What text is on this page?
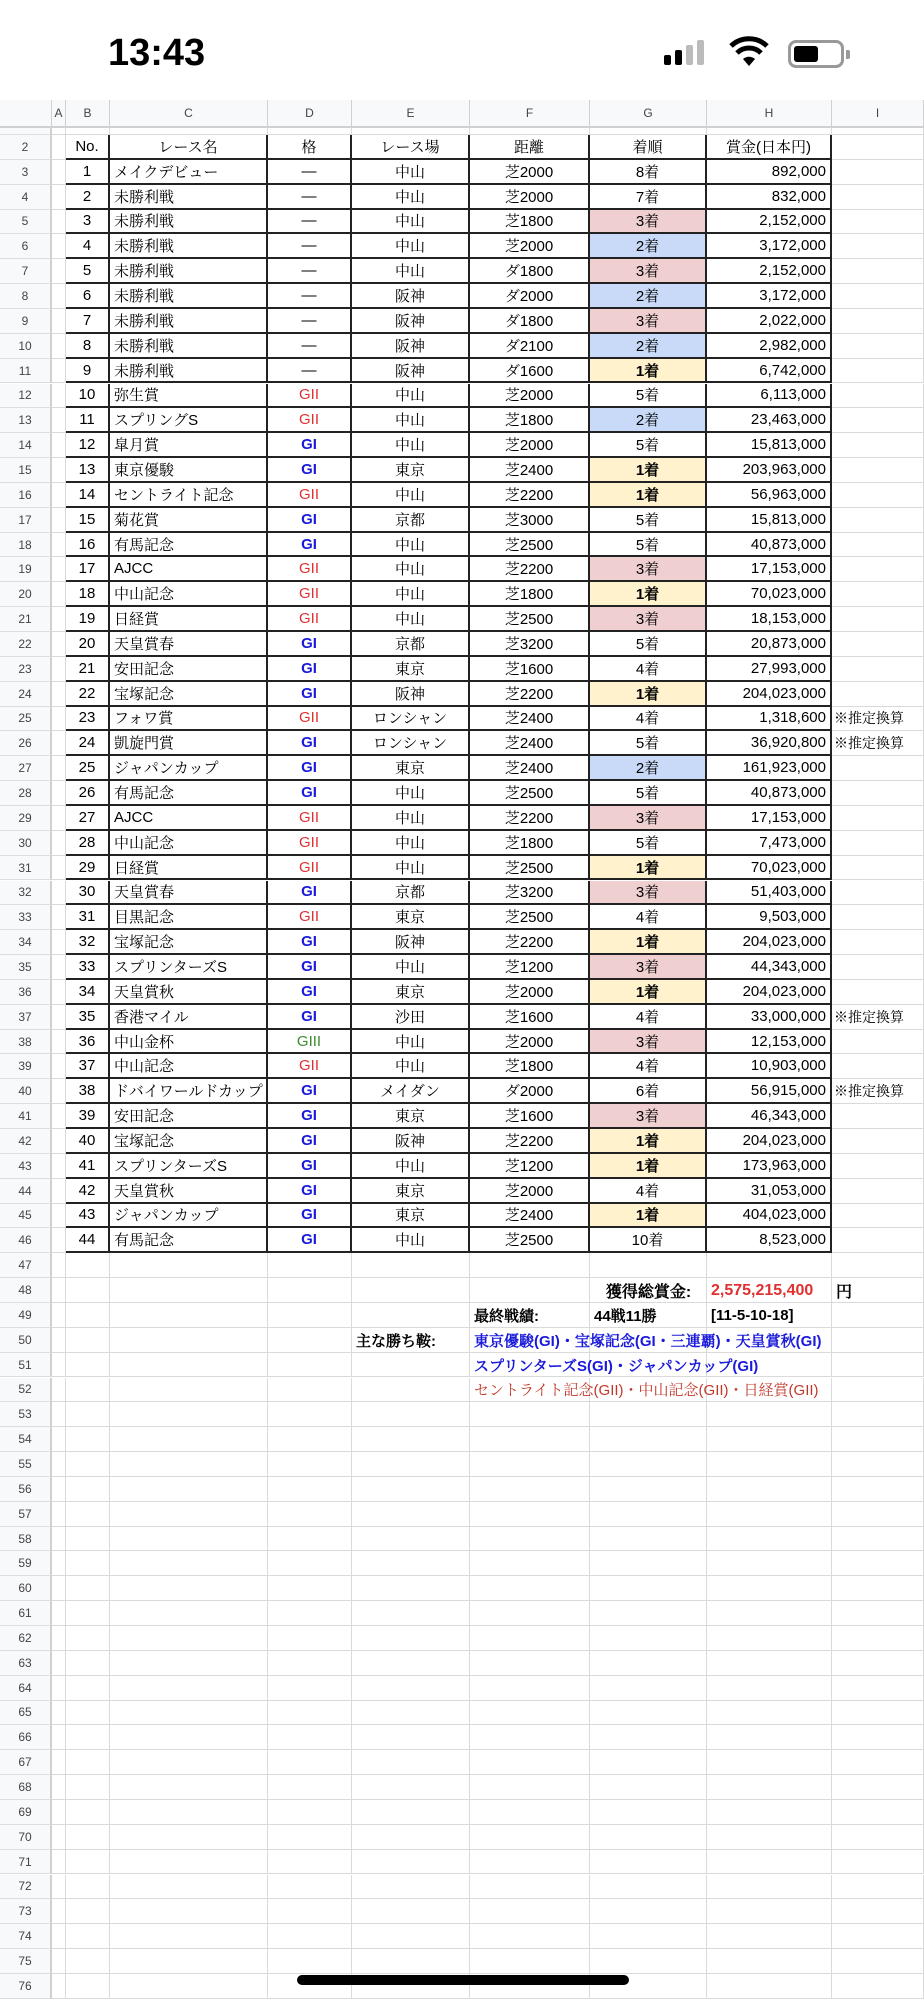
13:43
A	B	C	D	E	F	G	H	I
2
3
4
5
6
7
8
9
10
11
12
13
14
15
16
17
18
19
20
21
22
23
24
25
26
27
28
29
30
31
32
33
34
35
36
37
38
39
40
41
42
43
44
45
46
47
48
49
50
51
52
53
54
55
56
57
58
59
60
61
62
63
64
65
66
67
68
69
70
71
72
73
74
75
76
No.	レース名	格	レース場	距離	着順	賞金(日本円)
1	メイクデビュー	—	中山	芝2000	8着	892,000
2	未勝利戦	—	中山	芝2000	7着	832,000
3	未勝利戦	—	中山	芝1800	3着	2,152,000
4	未勝利戦	—	中山	芝2000	2着	3,172,000
5	未勝利戦	—	中山	ダ1800	3着	2,152,000
6	未勝利戦	—	阪神	ダ2000	2着	3,172,000
7	未勝利戦	—	阪神	ダ1800	3着	2,022,000
8	未勝利戦	—	阪神	ダ2100	2着	2,982,000
9	未勝利戦	—	阪神	ダ1600	1着	6,742,000
10	弥生賞	GII	中山	芝2000	5着	6,113,000
11	スプリングS	GII	中山	芝1800	2着	23,463,000
12	皐月賞	GI	中山	芝2000	5着	15,813,000
13	東京優駿	GI	東京	芝2400	1着	203,963,000
14	セントライト記念	GII	中山	芝2200	1着	56,963,000
15	菊花賞	GI	京都	芝3000	5着	15,813,000
16	有馬記念	GI	中山	芝2500	5着	40,873,000
17	AJCC	GII	中山	芝2200	3着	17,153,000
18	中山記念	GII	中山	芝1800	1着	70,023,000
19	日経賞	GII	中山	芝2500	3着	18,153,000
20	天皇賞春	GI	京都	芝3200	5着	20,873,000
21	安田記念	GI	東京	芝1600	4着	27,993,000
22	宝塚記念	GI	阪神	芝2200	1着	204,023,000
23	フォワ賞	GII	ロンシャン	芝2400	4着	1,318,600 ※推定換算
24	凱旋門賞	GI	ロンシャン	芝2400	5着	36,920,800 ※推定換算
25	ジャパンカップ	GI	東京	芝2400	2着	161,923,000
26	有馬記念	GI	中山	芝2500	5着	40,873,000
27	AJCC	GII	中山	芝2200	3着	17,153,000
28	中山記念	GII	中山	芝1800	5着	7,473,000
29	日経賞	GII	中山	芝2500	1着	70,023,000
30	天皇賞春	GI	京都	芝3200	3着	51,403,000
31	目黒記念	GII	東京	芝2500	4着	9,503,000
32	宝塚記念	GI	阪神	芝2200	1着	204,023,000
33	スプリンターズS	GI	中山	芝1200	3着	44,343,000
34	天皇賞秋	GI	東京	芝2000	1着	204,023,000
35	香港マイル	GI	沙田	芝1600	4着	33,000,000 ※推定換算
36	中山金杯	GIII	中山	芝2000	3着	12,153,000
37	中山記念	GII	中山	芝1800	4着	10,903,000
38	ドバイワールドカップ	GI	メイダン	ダ2000	6着	56,915,000 ※推定換算
39	安田記念	GI	東京	芝1600	3着	46,343,000
40	宝塚記念	GI	阪神	芝2200	1着	204,023,000
41	スプリンターズS	GI	中山	芝1200	1着	173,963,000
42	天皇賞秋	GI	東京	芝2000	4着	31,053,000
43	ジャパンカップ	GI	東京	芝2400	1着	404,023,000
44	有馬記念	GI	中山	芝2500	10着	8,523,000
獲得総賞金:	2,575,215,400	円
最終戦績:	44戦11勝	[11-5-10-18]
主な勝ち鞍:	東京優駿(GI)・宝塚記念(GI・三連覇)・天皇賞秋(GI)
スプリンターズS(GI)・ジャパンカップ(GI)
セントライト記念(GII)・中山記念(GII)・日経賞(GII)
